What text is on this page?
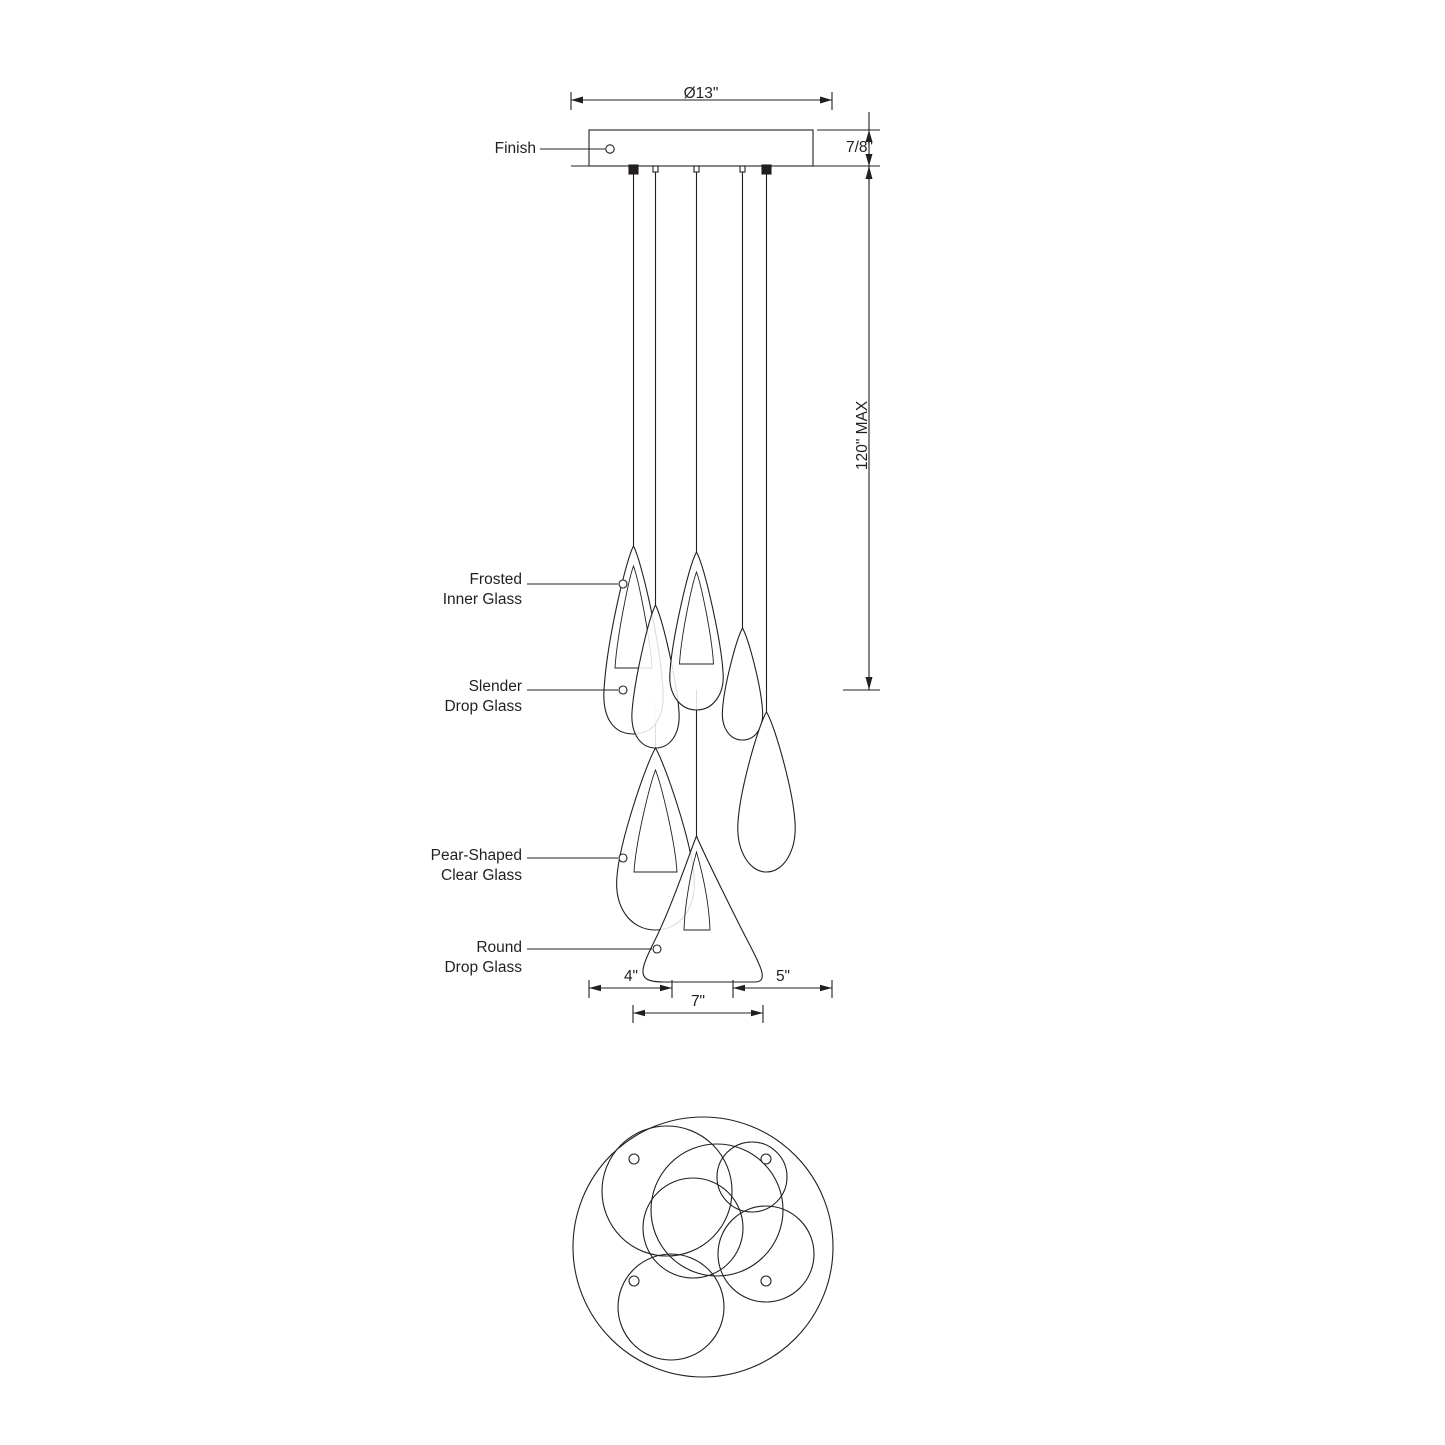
Ø13"
Finish	7/8"
120" MAX
Frosted
Inner Glass
Slender
Drop Glass
Pear-Shaped
Clear Glass
Round
Drop Glass
4"	5"
7"
